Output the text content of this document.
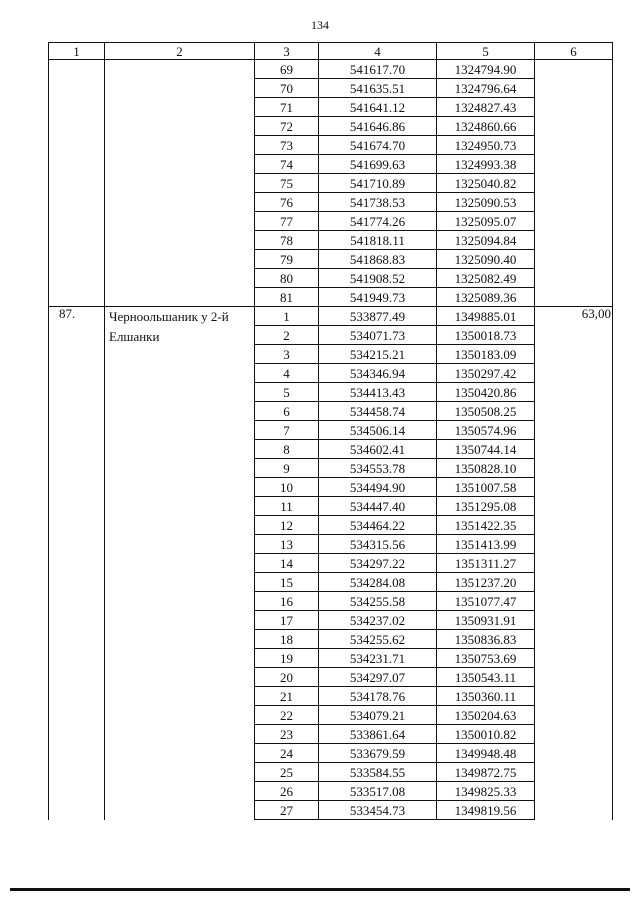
134
1	2	3	4	5	6
		69	541617.70	1324794.90	
		70	541635.51	1324796.64	
		71	541641.12	1324827.43	
		72	541646.86	1324860.66	
		73	541674.70	1324950.73	
		74	541699.63	1324993.38	
		75	541710.89	1325040.82	
		76	541738.53	1325090.53	
		77	541774.26	1325095.07	
		78	541818.11	1325094.84	
		79	541868.83	1325090.40	
		80	541908.52	1325082.49	
		81	541949.73	1325089.36	
87.	Черноольшаник у 2-й Елшанки	1	533877.49	1349885.01	63,00
		2	534071.73	1350018.73	
		3	534215.21	1350183.09	
		4	534346.94	1350297.42	
		5	534413.43	1350420.86	
		6	534458.74	1350508.25	
		7	534506.14	1350574.96	
		8	534602.41	1350744.14	
		9	534553.78	1350828.10	
		10	534494.90	1351007.58	
		11	534447.40	1351295.08	
		12	534464.22	1351422.35	
		13	534315.56	1351413.99	
		14	534297.22	1351311.27	
		15	534284.08	1351237.20	
		16	534255.58	1351077.47	
		17	534237.02	1350931.91	
		18	534255.62	1350836.83	
		19	534231.71	1350753.69	
		20	534297.07	1350543.11	
		21	534178.76	1350360.11	
		22	534079.21	1350204.63	
		23	533861.64	1350010.82	
		24	533679.59	1349948.48	
		25	533584.55	1349872.75	
		26	533517.08	1349825.33	
		27	533454.73	1349819.56	
